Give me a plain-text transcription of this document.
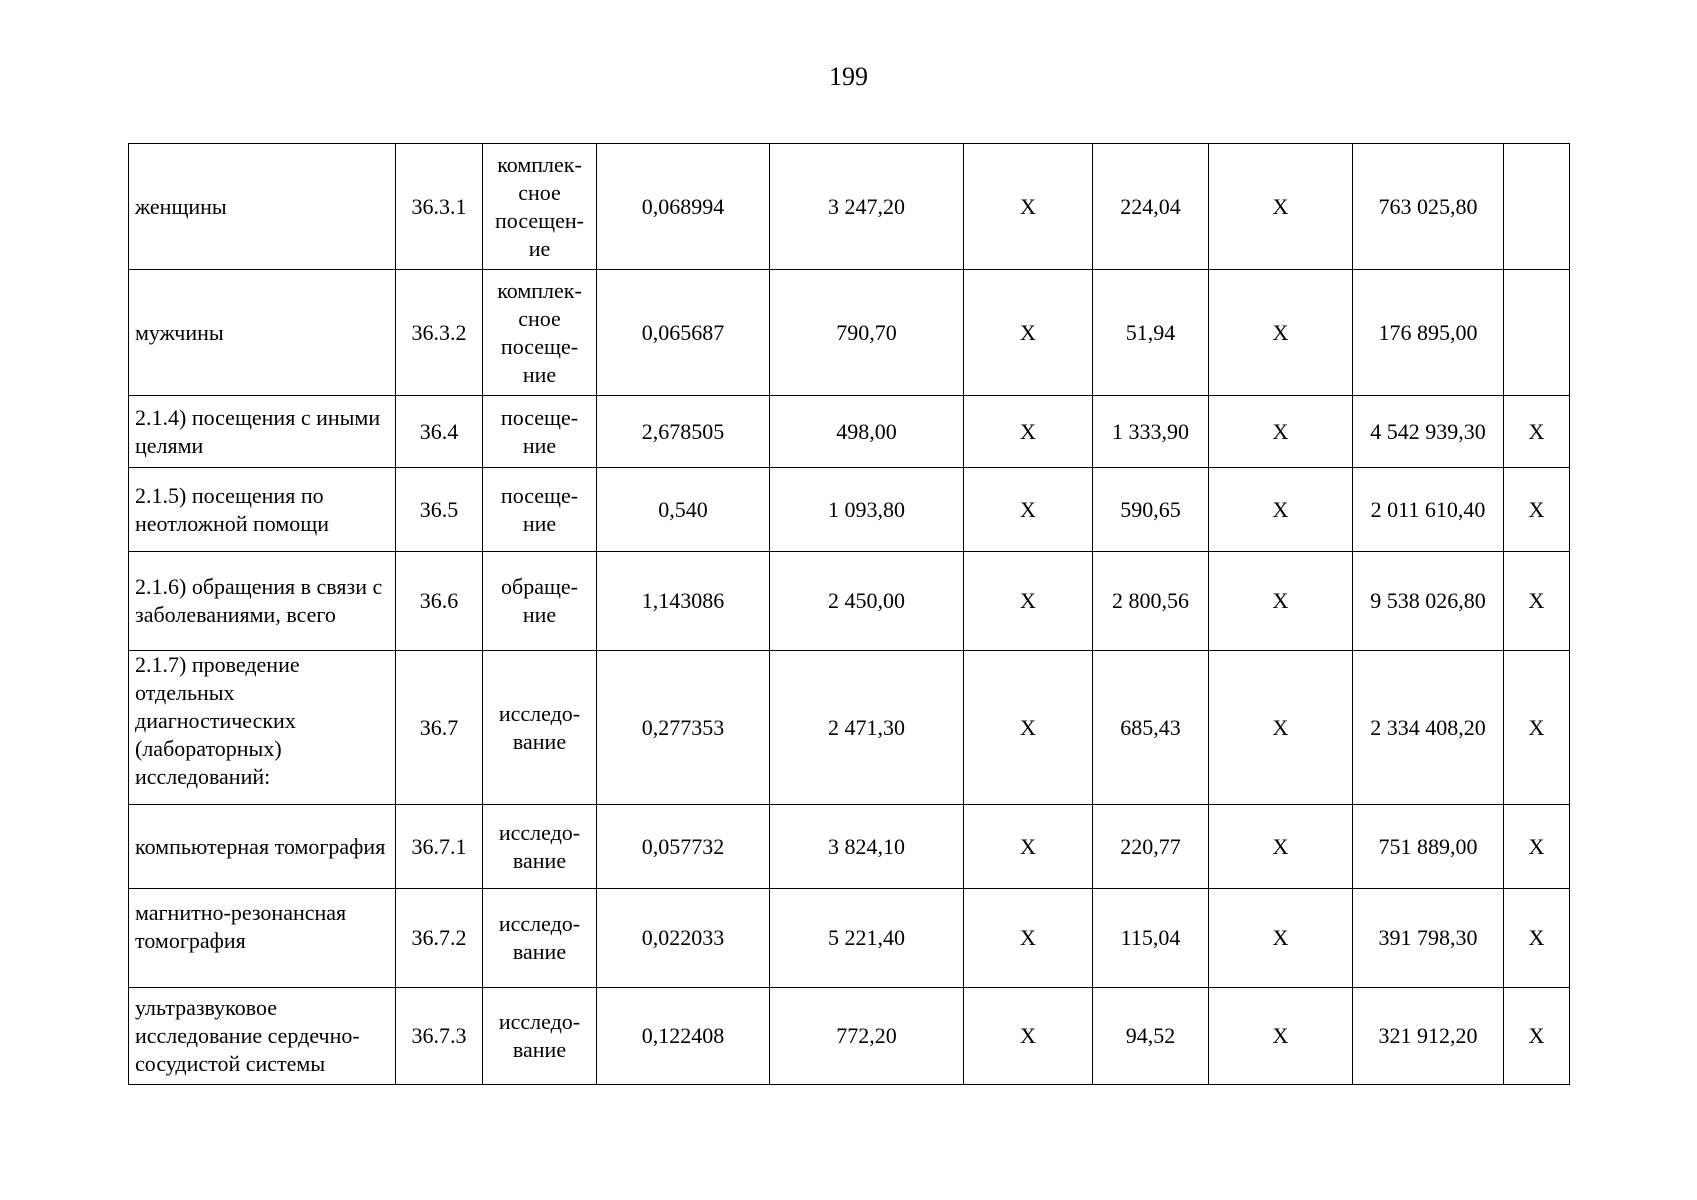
199
женщины	36.3.1	комплек-
сное
посещен-
ие	0,068994	3 247,20	Х	224,04	Х	763 025,80	
мужчины	36.3.2	комплек-
сное
посеще-
ние	0,065687	790,70	Х	51,94	Х	176 895,00	
2.1.4) посещения с иными целями	36.4	посеще-
ние	2,678505	498,00	Х	1 333,90	Х	4 542 939,30	Х
2.1.5) посещения по неотложной помощи	36.5	посеще-
ние	0,540	1 093,80	Х	590,65	Х	2 011 610,40	Х
2.1.6) обращения в связи с заболеваниями, всего	36.6	обраще-
ние	1,143086	2 450,00	Х	2 800,56	Х	9 538 026,80	Х
2.1.7) проведение отдельных диагностических (лабораторных) исследований:	36.7	исследо-
вание	0,277353	2 471,30	Х	685,43	Х	2 334 408,20	Х
компьютерная томография	36.7.1	исследо-
вание	0,057732	3 824,10	Х	220,77	Х	751 889,00	Х
магнитно-резонансная томография	36.7.2	исследо-
вание	0,022033	5 221,40	Х	115,04	Х	391 798,30	Х
ультразвуковое исследование сердечно-сосудистой системы	36.7.3	исследо-
вание	0,122408	772,20	Х	94,52	Х	321 912,20	Х
